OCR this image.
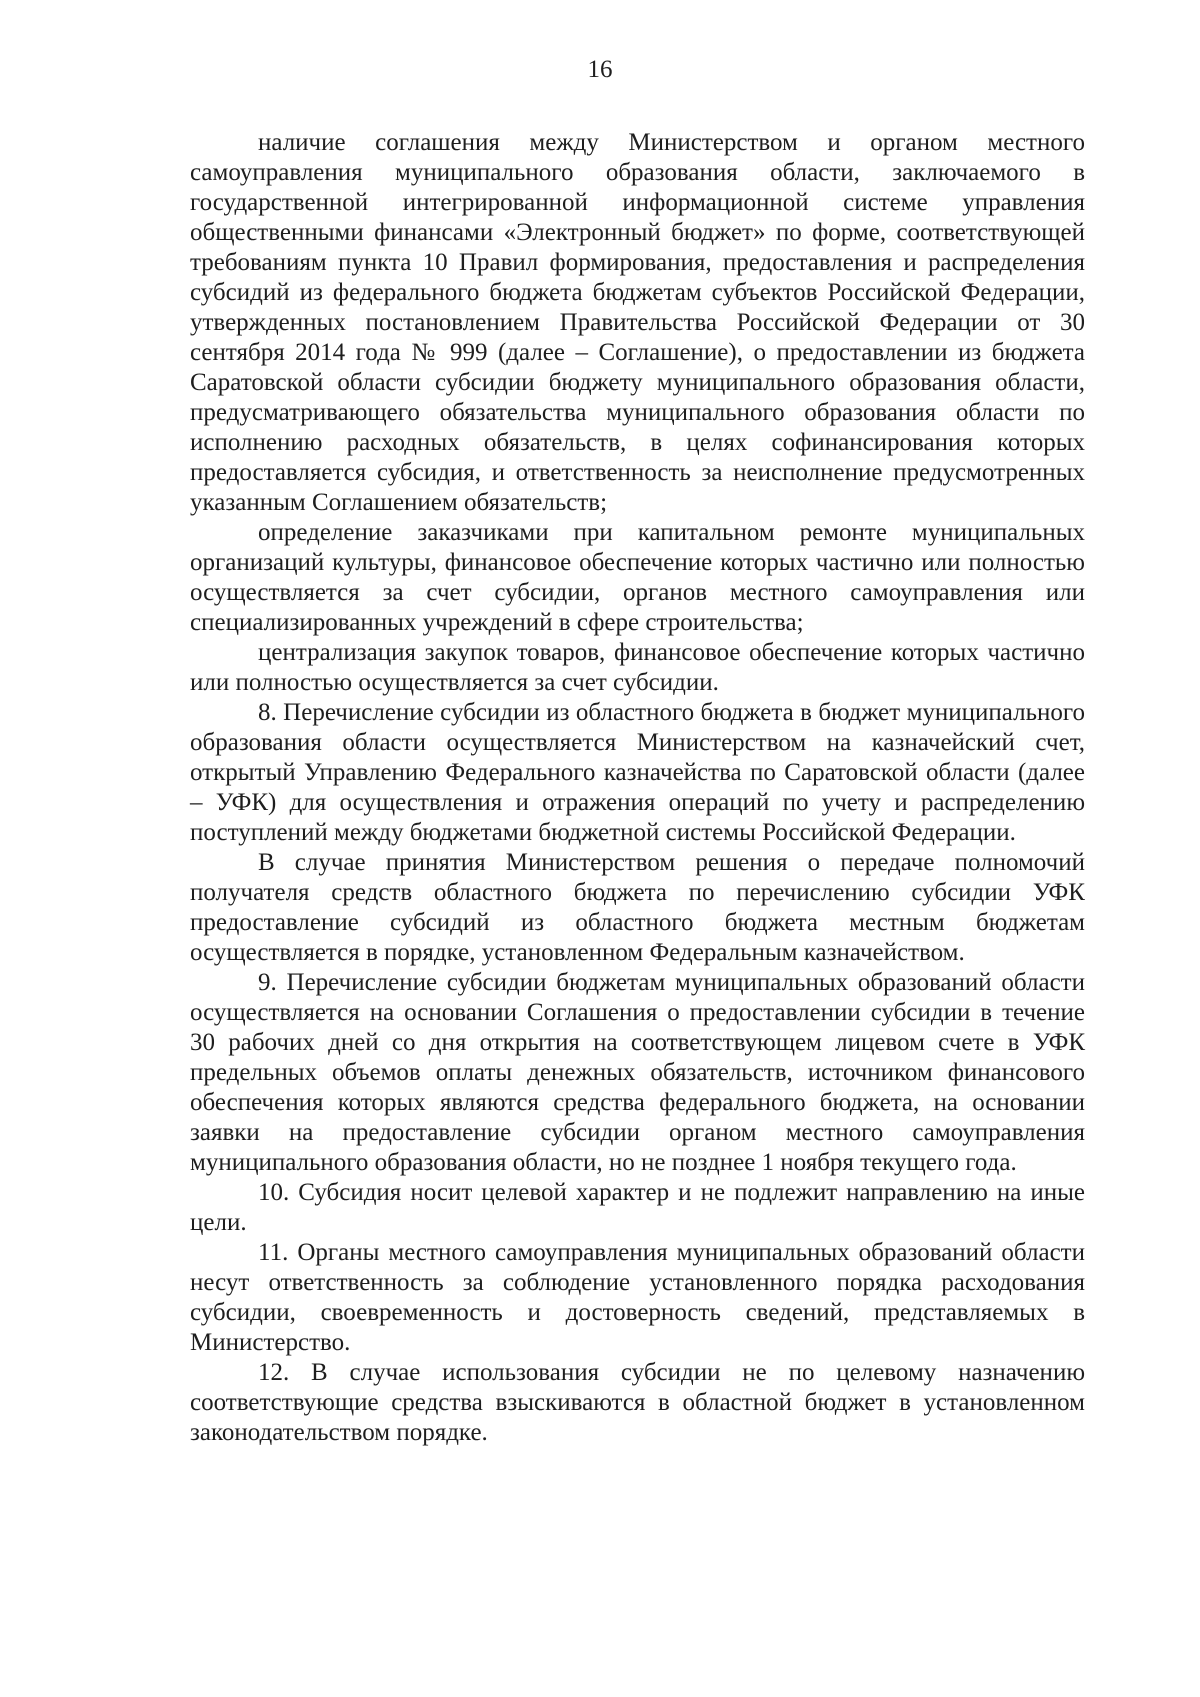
16

наличие соглашения между Министерством и органом местного самоуправления муниципального образования области, заключаемого в государственной интегрированной информационной системе управления общественными финансами «Электронный бюджет» по форме, соответствующей требованиям пункта 10 Правил формирования, предоставления и распределения субсидий из федерального бюджета бюджетам субъектов Российской Федерации, утвержденных постановлением Правительства Российской Федерации от 30 сентября 2014 года № 999 (далее – Соглашение), о предоставлении из бюджета Саратовской области субсидии бюджету муниципального образования области, предусматривающего обязательства муниципального образования области по исполнению расходных обязательств, в целях софинансирования которых предоставляется субсидия, и ответственность за неисполнение предусмотренных указанным Соглашением обязательств;

определение заказчиками при капитальном ремонте муниципальных организаций культуры, финансовое обеспечение которых частично или полностью осуществляется за счет субсидии, органов местного самоуправления или специализированных учреждений в сфере строительства;

централизация закупок товаров, финансовое обеспечение которых частично или полностью осуществляется за счет субсидии.

8. Перечисление субсидии из областного бюджета в бюджет муниципального образования области осуществляется Министерством на казначейский счет, открытый Управлению Федерального казначейства по Саратовской области (далее – УФК) для осуществления и отражения операций по учету и распределению поступлений между бюджетами бюджетной системы Российской Федерации.

В случае принятия Министерством решения о передаче полномочий получателя средств областного бюджета по перечислению субсидии УФК предоставление субсидий из областного бюджета местным бюджетам осуществляется в порядке, установленном Федеральным казначейством.

9. Перечисление субсидии бюджетам муниципальных образований области осуществляется на основании Соглашения о предоставлении субсидии в течение 30 рабочих дней со дня открытия на соответствующем лицевом счете в УФК предельных объемов оплаты денежных обязательств, источником финансового обеспечения которых являются средства федерального бюджета, на основании заявки на предоставление субсидии органом местного самоуправления муниципального образования области, но не позднее 1 ноября текущего года.

10. Субсидия носит целевой характер и не подлежит направлению на иные цели.

11. Органы местного самоуправления муниципальных образований области несут ответственность за соблюдение установленного порядка расходования субсидии, своевременность и достоверность сведений, представляемых в Министерство.

12. В случае использования субсидии не по целевому назначению соответствующие средства взыскиваются в областной бюджет в установленном законодательством порядке.
